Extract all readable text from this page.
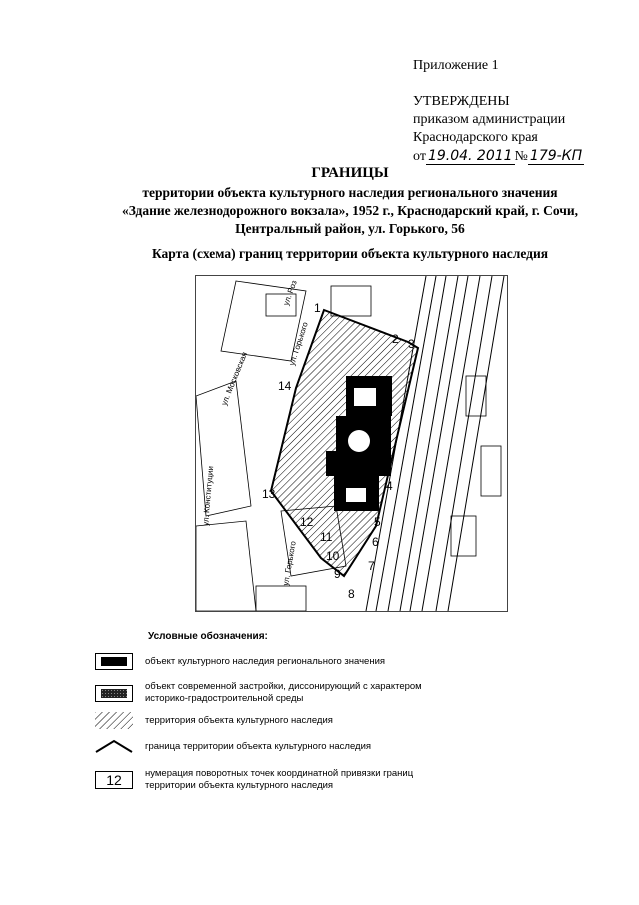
Приложение 1
УТВЕРЖДЕНЫ
приказом администрации
Краснодарского края
от 19.04. 2011 № 179-КП
ГРАНИЦЫ
территории объекта культурного наследия регионального значения
«Здание железнодорожного вокзала», 1952 г., Краснодарский край, г. Сочи,
Центральный район, ул. Горького, 56
Карта (схема) границ территории объекта культурного наследия
1
2 3
4
5
6
7
8
9
10
11
12
13
14
ул. Московская
ул. Горького
ул. Горького
ул. Роз
ул. Конституции
Условные обозначения:
объект культурного наследия регионального значения
объект современной застройки, диссонирующий с характером историко-градостроительной среды
территория объекта культурного наследия
граница территории объекта культурного наследия
12	нумерация поворотных точек координатной привязки границ территории объекта культурного наследия
